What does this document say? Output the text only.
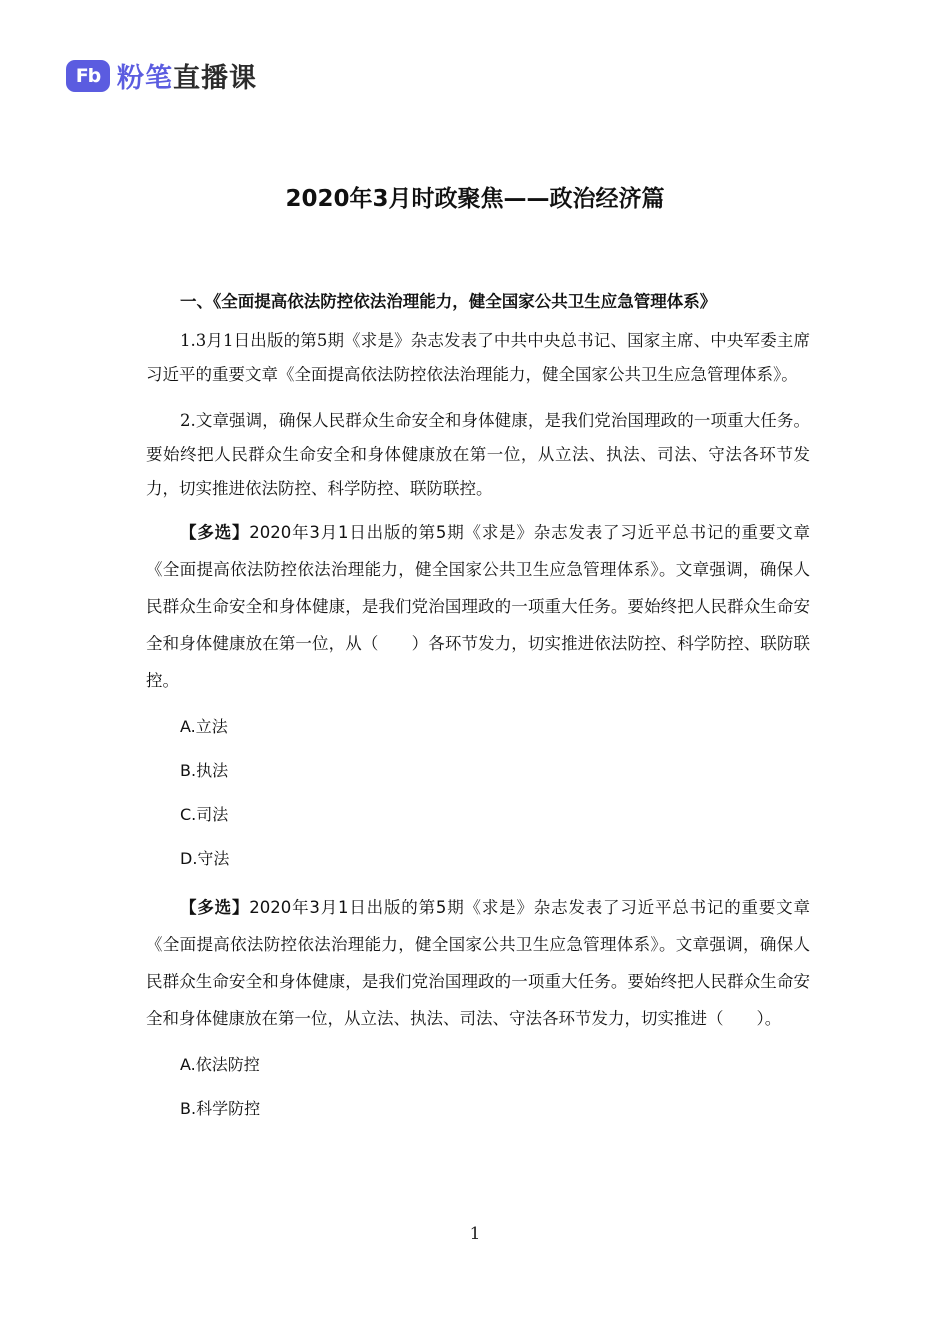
Fb 粉笔直播课
2020年3月时政聚焦——政治经济篇

一、《全面提高依法防控依法治理能力，健全国家公共卫生应急管理体系》

1.3月1日出版的第5期《求是》杂志发表了中共中央总书记、国家主席、中央军委主席习近平的重要文章《全面提高依法防控依法治理能力，健全国家公共卫生应急管理体系》。

2.文章强调，确保人民群众生命安全和身体健康，是我们党治国理政的一项重大任务。要始终把人民群众生命安全和身体健康放在第一位，从立法、执法、司法、守法各环节发力，切实推进依法防控、科学防控、联防联控。

【多选】2020年3月1日出版的第5期《求是》杂志发表了习近平总书记的重要文章《全面提高依法防控依法治理能力，健全国家公共卫生应急管理体系》。文章强调，确保人民群众生命安全和身体健康，是我们党治国理政的一项重大任务。要始终把人民群众生命安全和身体健康放在第一位，从（　　）各环节发力，切实推进依法防控、科学防控、联防联控。

A.立法
B.执法
C.司法
D.守法

【多选】2020年3月1日出版的第5期《求是》杂志发表了习近平总书记的重要文章《全面提高依法防控依法治理能力，健全国家公共卫生应急管理体系》。文章强调，确保人民群众生命安全和身体健康，是我们党治国理政的一项重大任务。要始终把人民群众生命安全和身体健康放在第一位，从立法、执法、司法、守法各环节发力，切实推进（　　）。

A.依法防控
B.科学防控
1
